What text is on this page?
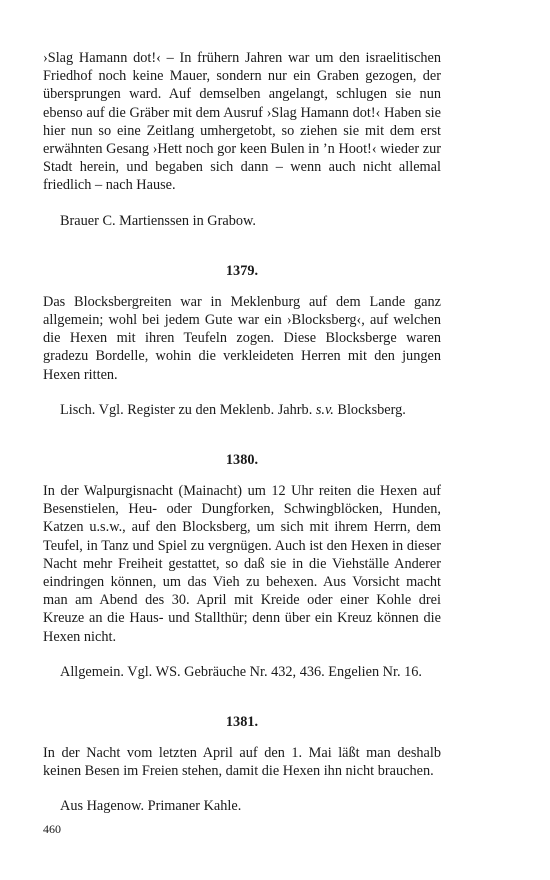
›Slag Hamann dot!‹ – In frühern Jahren war um den israelitischen Friedhof noch keine Mauer, sondern nur ein Graben gezogen, der übersprungen ward. Auf demselben angelangt, schlugen sie nun ebenso auf die Gräber mit dem Ausruf ›Slag Hamann dot!‹ Haben sie hier nun so eine Zeitlang umhergetobt, so ziehen sie mit dem erst erwähnten Gesang ›Hett noch gor keen Bulen in ’n Hoot!‹ wieder zur Stadt herein, und begaben sich dann – wenn auch nicht allemal friedlich – nach Hause.

Brauer C. Martienssen in Grabow.

1379.

Das Blocksbergreiten war in Meklenburg auf dem Lande ganz allgemein; wohl bei jedem Gute war ein ›Blocksberg‹, auf welchen die Hexen mit ihren Teufeln zogen. Diese Blocksberge waren gradezu Bordelle, wohin die verkleideten Herren mit den jungen Hexen ritten.

Lisch. Vgl. Register zu den Meklenb. Jahrb. s.v. Blocksberg.

1380.

In der Walpurgisnacht (Mainacht) um 12 Uhr reiten die Hexen auf Besenstielen, Heu- oder Dungforken, Schwingblöcken, Hunden, Katzen u.s.w., auf den Blocksberg, um sich mit ihrem Herrn, dem Teufel, in Tanz und Spiel zu vergnügen. Auch ist den Hexen in dieser Nacht mehr Freiheit gestattet, so daß sie in die Viehställe Anderer eindringen können, um das Vieh zu behexen. Aus Vorsicht macht man am Abend des 30. April mit Kreide oder einer Kohle drei Kreuze an die Haus- und Stallthür; denn über ein Kreuz können die Hexen nicht.

Allgemein. Vgl. WS. Gebräuche Nr. 432, 436. Engelien Nr. 16.

1381.

In der Nacht vom letzten April auf den 1. Mai läßt man deshalb keinen Besen im Freien stehen, damit die Hexen ihn nicht brauchen.

Aus Hagenow. Primaner Kahle.

460
